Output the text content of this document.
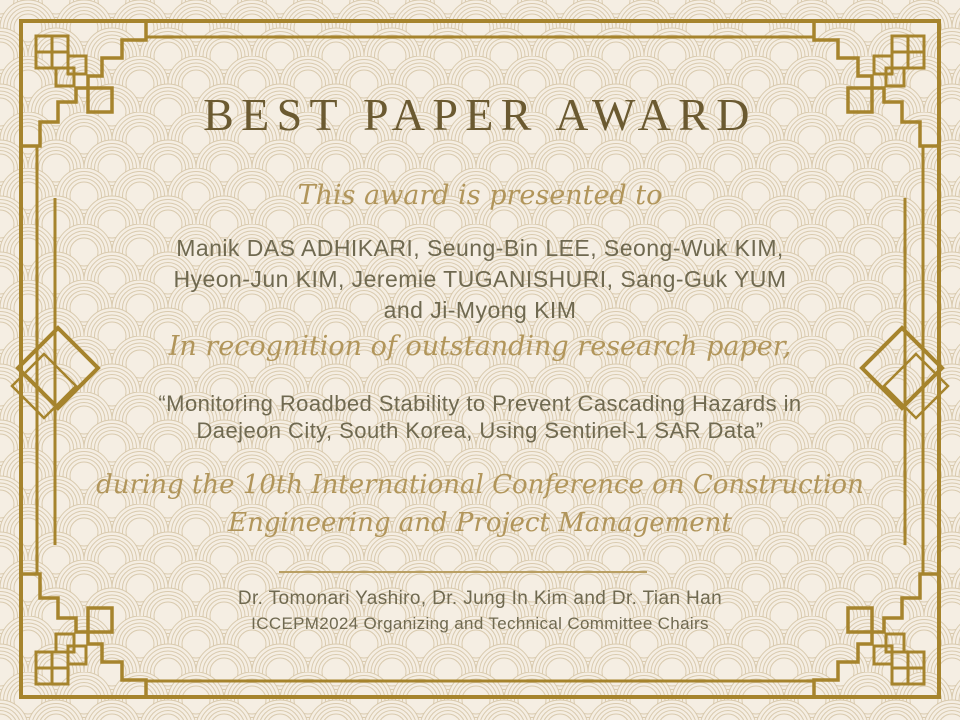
BEST PAPER AWARD
This award is presented to
Manik DAS ADHIKARI, Seung-Bin LEE, Seong-Wuk KIM,
Hyeon-Jun KIM, Jeremie TUGANISHURI, Sang-Guk YUM
and Ji-Myong KIM
In recognition of outstanding research paper,
“Monitoring Roadbed Stability to Prevent Cascading Hazards in
Daejeon City, South Korea, Using Sentinel-1 SAR Data”
during the 10th International Conference on Construction
Engineering and Project Management
Dr. Tomonari Yashiro, Dr. Jung In Kim and Dr. Tian Han
ICCEPM2024 Organizing and Technical Committee Chairs
